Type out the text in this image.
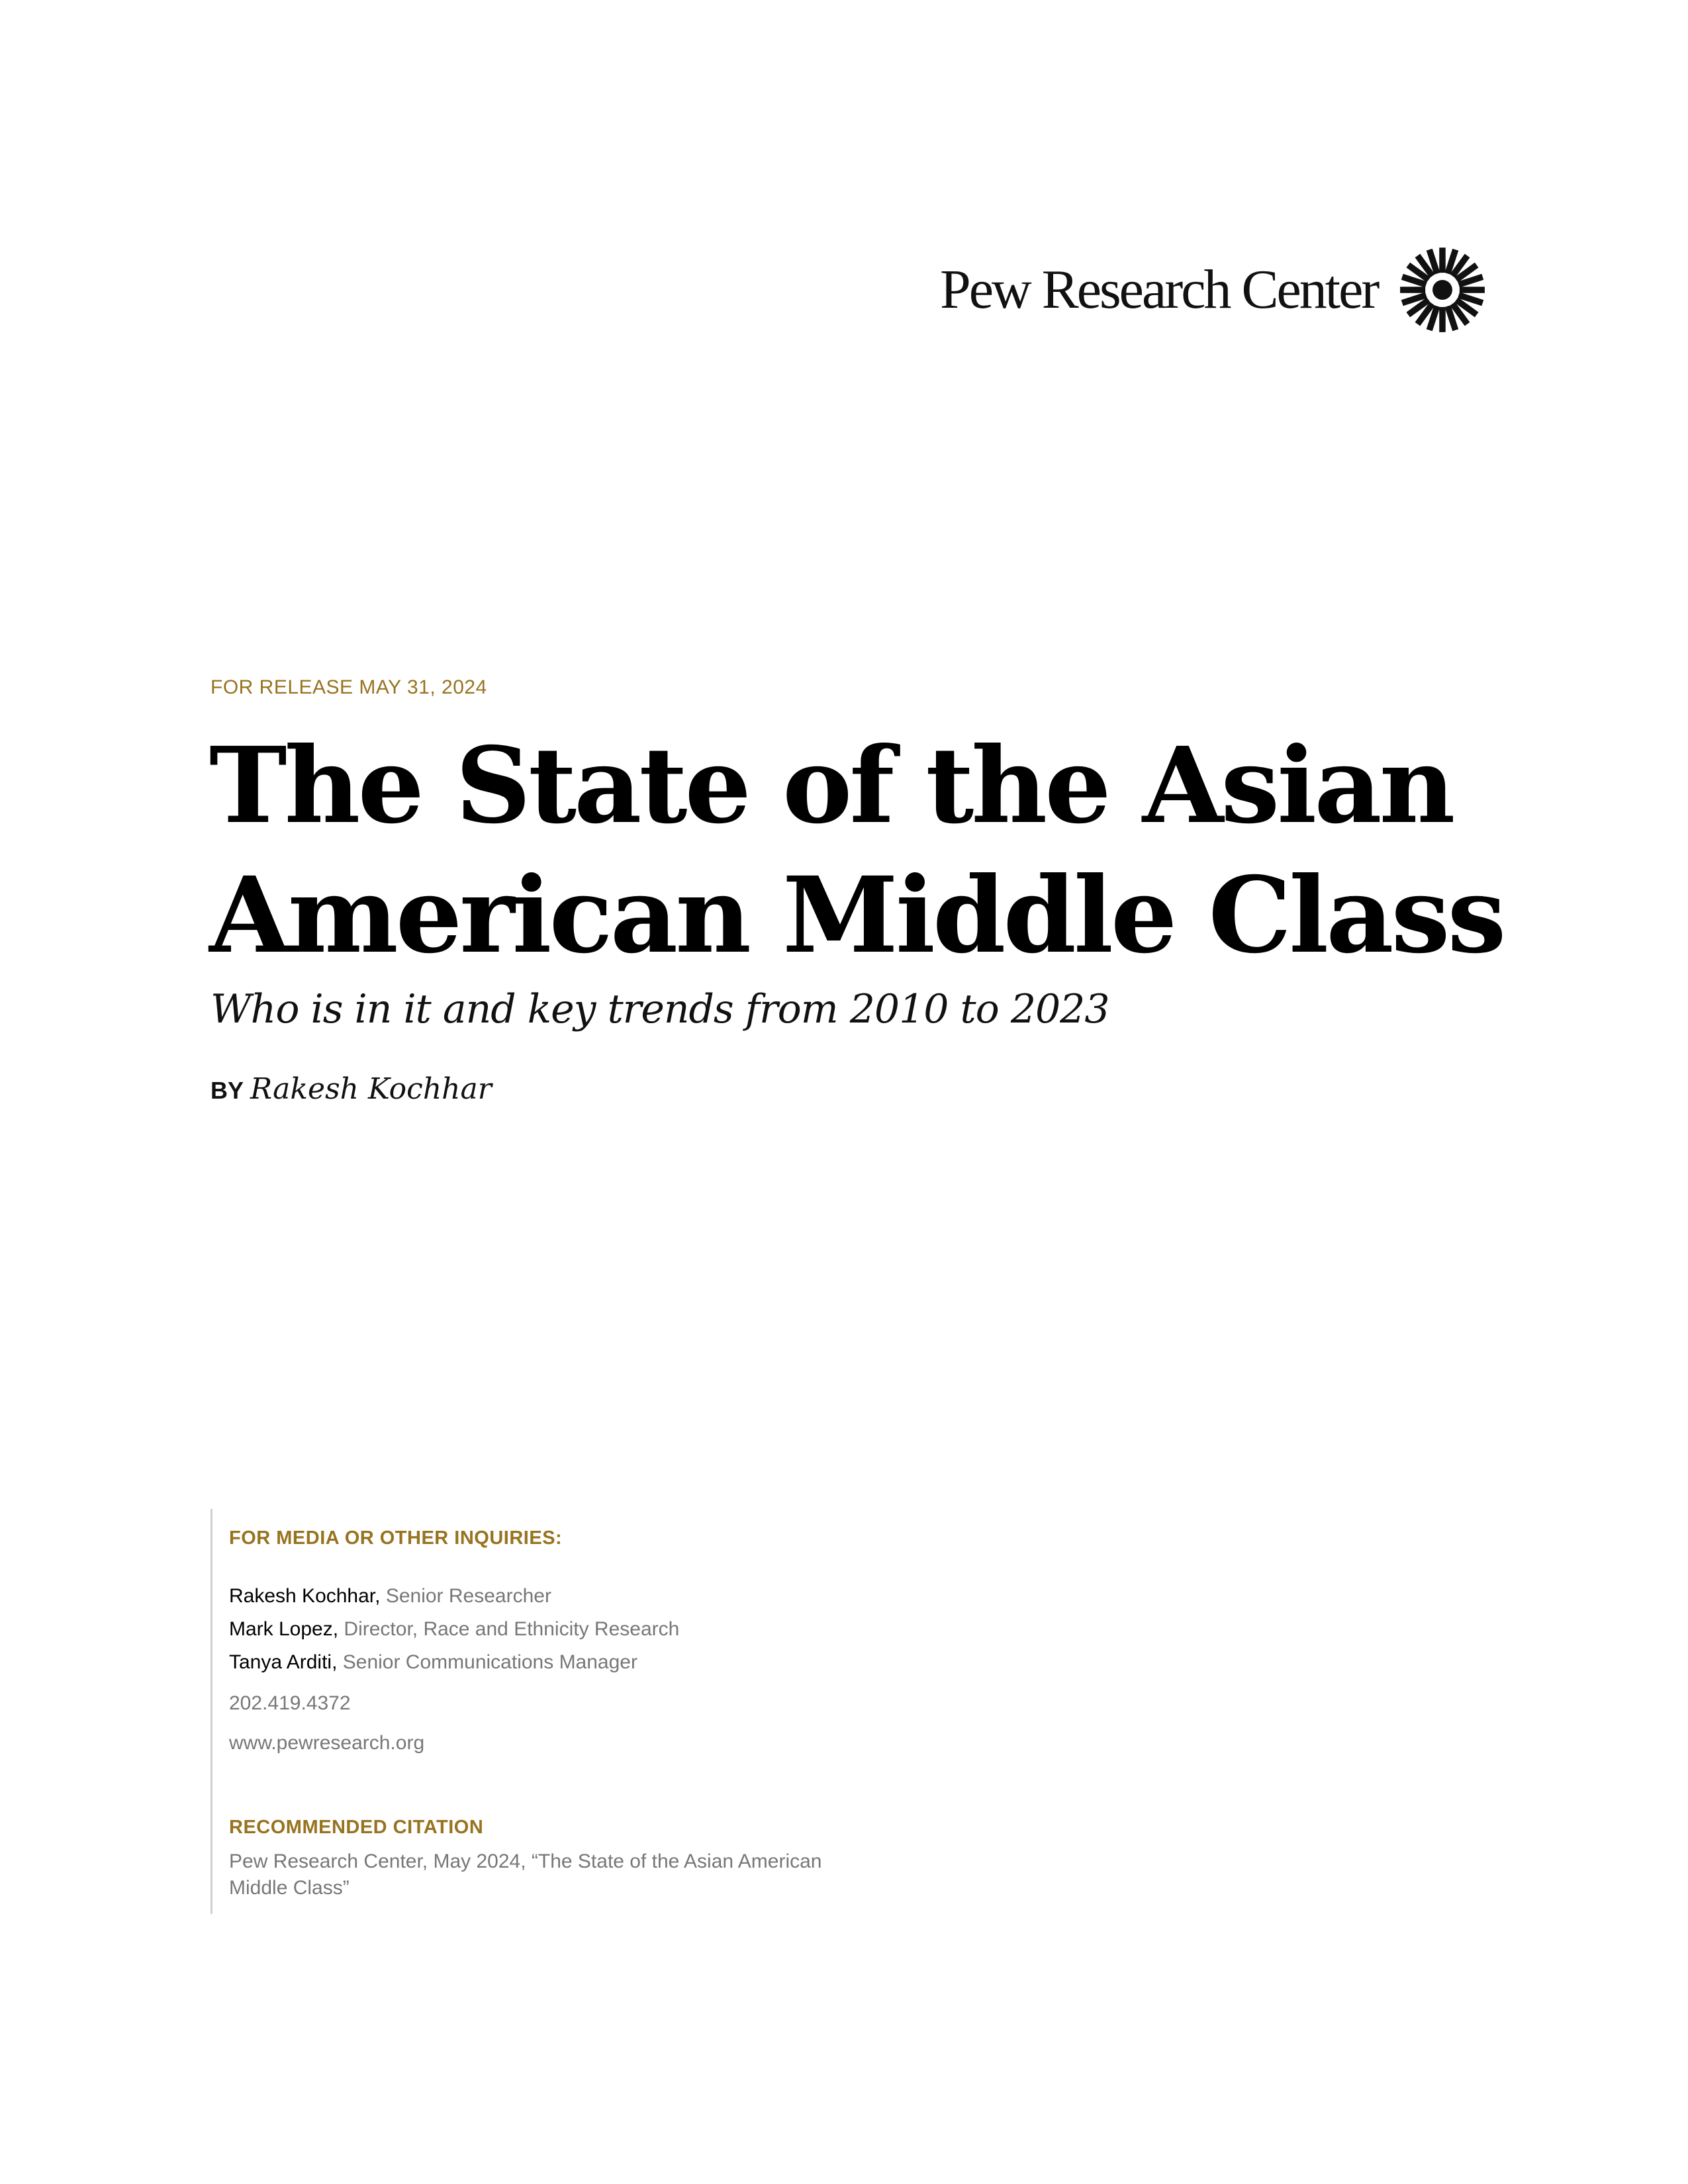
Pew Research Center
FOR RELEASE MAY 31, 2024
The State of the Asian
American Middle Class
Who is in it and key trends from 2010 to 2023
BY Rakesh Kochhar
FOR MEDIA OR OTHER INQUIRIES:
Rakesh Kochhar, Senior Researcher
Mark Lopez, Director, Race and Ethnicity Research
Tanya Arditi, Senior Communications Manager
202.419.4372
www.pewresearch.org
RECOMMENDED CITATION
Pew Research Center, May 2024, “The State of the Asian American Middle Class”
